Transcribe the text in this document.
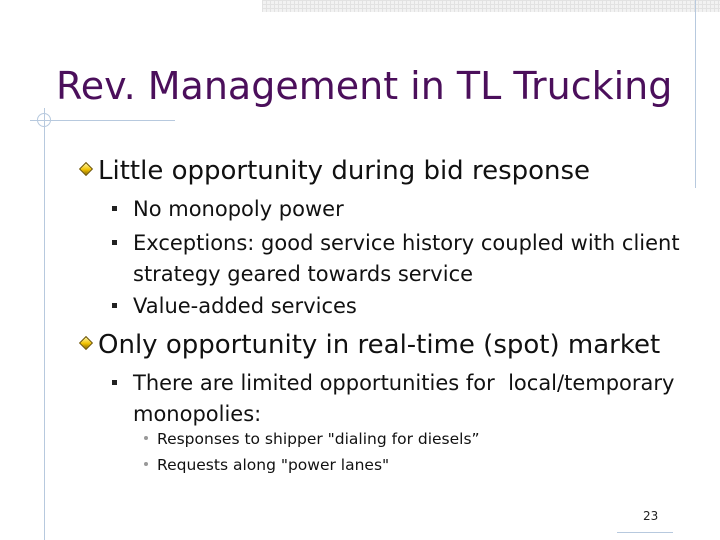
Rev. Management in TL Trucking
Little opportunity during bid response
No monopoly power
Exceptions: good service history coupled with client strategy geared towards service
Value-added services
Only opportunity in real-time (spot) market
There are limited opportunities for  local/temporary monopolies:
Responses to shipper "dialing for diesels”
Requests along "power lanes"
23
